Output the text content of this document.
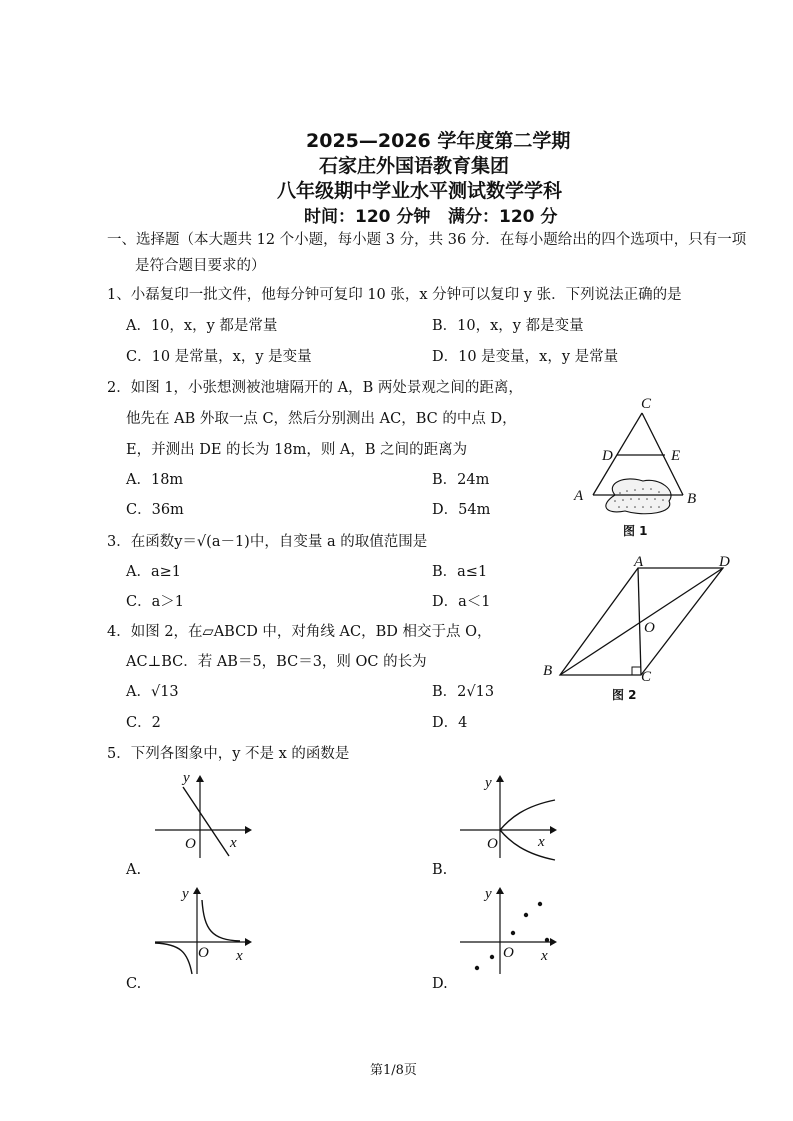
2025—2026 学年度第二学期
石家庄外国语教育集团
八年级期中学业水平测试数学学科
时间：120 分钟 满分：120 分
一、选择题（本大题共 12 个小题，每小题 3 分，共 36 分．在每小题给出的四个选项中，只有一项
是符合题目要求的）
1、小磊复印一批文件，他每分钟可复印 10 张，x 分钟可以复印 y 张．下列说法正确的是
A．10，x，y 都是常量	B．10，x，y 都是变量
C．10 是常量，x，y 是变量	D．10 是变量，x，y 是常量
2．如图 1，小张想测被池塘隔开的 A，B 两处景观之间的距离，
他先在 AB 外取一点 C，然后分别测出 AC，BC 的中点 D，
E，并测出 DE 的长为 18m，则 A，B 之间的距离为
A．18m	B．24m
C．36m	D．54m
C
D	E
A	B
图 1
3．在函数y＝√(a－1)中，自变量 a 的取值范围是
A．a≥1	B．a≤1
C．a＞1	D．a＜1
A	D
O
B	C
图 2
4．如图 2，在▱ABCD 中，对角线 AC，BD 相交于点 O，
AC⊥BC．若 AB＝5，BC＝3，则 OC 的长为
A．√13	B．2√13
C．2	D．4
5．下列各图象中，y 不是 x 的函数是
y
x
O
A.
y
x
O
B.
y
x
O
C.
y
x
O
D.
第1/8页
